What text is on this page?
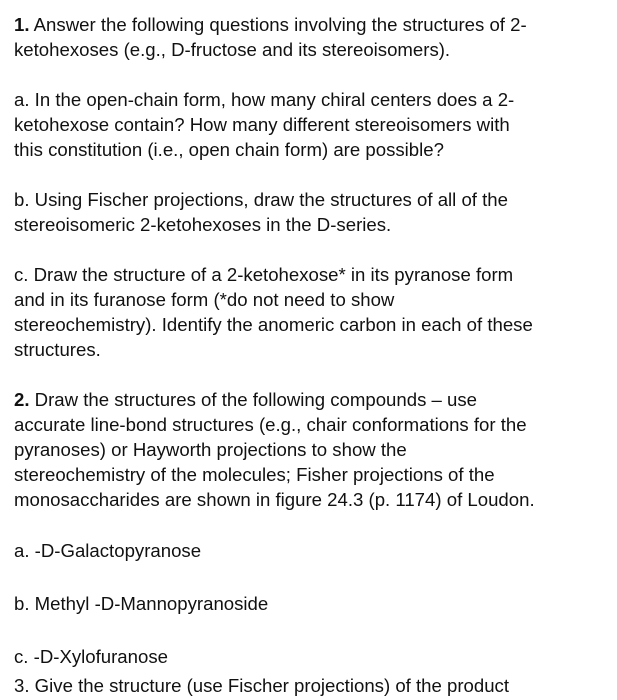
1. Answer the following questions involving the structures of 2-
ketohexoses (e.g., D-fructose and its stereoisomers).

a. In the open-chain form, how many chiral centers does a 2-
ketohexose contain? How many different stereoisomers with
this constitution (i.e., open chain form) are possible?

b. Using Fischer projections, draw the structures of all of the
stereoisomeric 2-ketohexoses in the D-series.

c. Draw the structure of a 2-ketohexose* in its pyranose form
and in its furanose form (*do not need to show
stereochemistry). Identify the anomeric carbon in each of these
structures.

2. Draw the structures of the following compounds – use
accurate line-bond structures (e.g., chair conformations for the
pyranoses) or Hayworth projections to show the
stereochemistry of the molecules; Fisher projections of the
monosaccharides are shown in figure 24.3 (p. 1174) of Loudon.

a. -D-Galactopyranose

b. Methyl -D-Mannopyranoside

c. -D-Xylofuranose

3. Give the structure (use Fischer projections) of the product
